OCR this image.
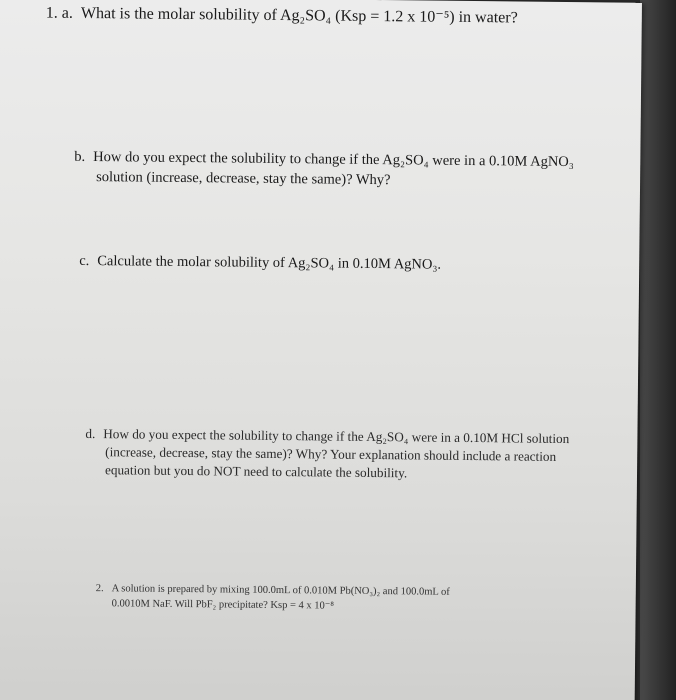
1. a. What is the molar solubility of Ag₂SO₄ (Ksp = 1.2 x 10⁻⁵) in water?
b. How do you expect the solubility to change if the Ag₂SO₄ were in a 0.10M AgNO₃
solution (increase, decrease, stay the same)? Why?
c. Calculate the molar solubility of Ag₂SO₄ in 0.10M AgNO₃.
d. How do you expect the solubility to change if the Ag₂SO₄ were in a 0.10M HCl solution
(increase, decrease, stay the same)? Why? Your explanation should include a reaction
equation but you do NOT need to calculate the solubility.
2. A solution is prepared by mixing 100.0mL of 0.010M Pb(NO₃)₂ and 100.0mL of
0.0010M NaF. Will PbF₂ precipitate? Ksp = 4 x 10⁻⁸
